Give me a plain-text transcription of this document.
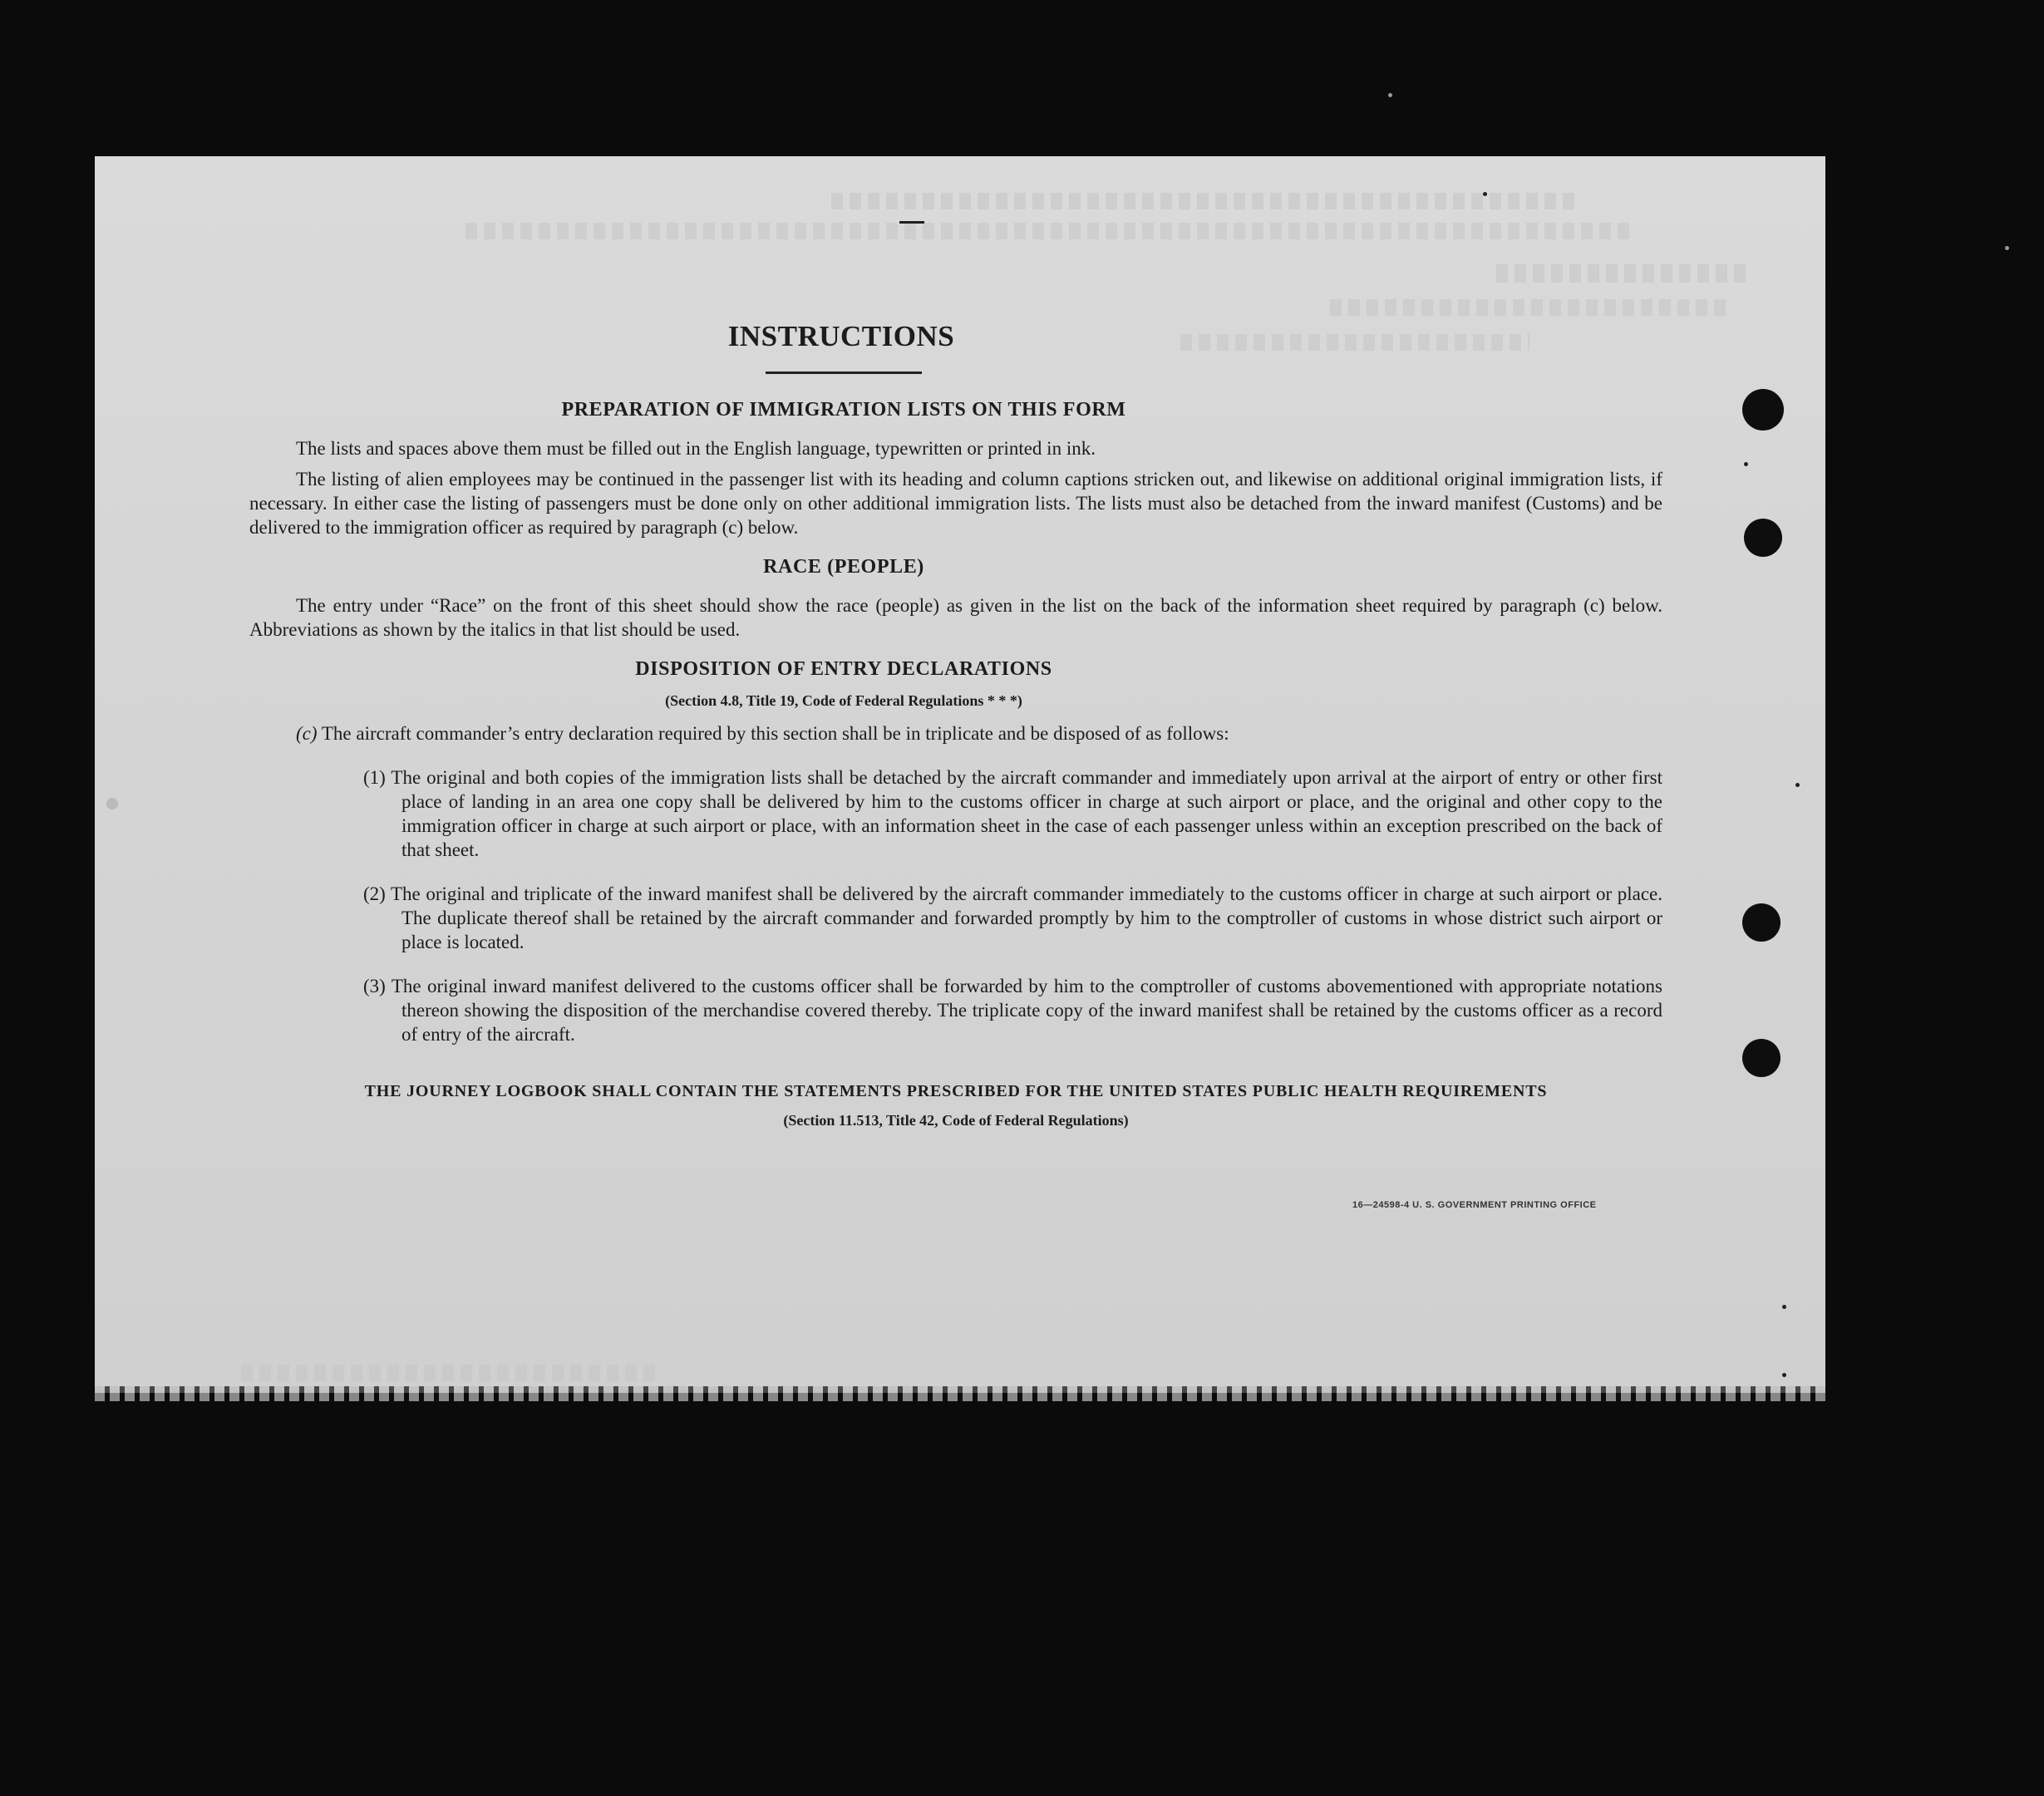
INSTRUCTIONS
PREPARATION OF IMMIGRATION LISTS ON THIS FORM

The lists and spaces above them must be filled out in the English language, typewritten or printed in ink.

The listing of alien employees may be continued in the passenger list with its heading and column captions stricken out, and likewise on additional original immigration lists, if necessary. In either case the listing of passengers must be done only on other additional immigration lists. The lists must also be detached from the inward manifest (Customs) and be delivered to the immigration officer as required by paragraph (c) below.

RACE (PEOPLE)

The entry under “Race” on the front of this sheet should show the race (people) as given in the list on the back of the information sheet required by paragraph (c) below. Abbreviations as shown by the italics in that list should be used.

DISPOSITION OF ENTRY DECLARATIONS

(Section 4.8, Title 19, Code of Federal Regulations * * *)

(c) The aircraft commander’s entry declaration required by this section shall be in triplicate and be disposed of as follows:

(1) The original and both copies of the immigration lists shall be detached by the aircraft commander and immediately upon arrival at the airport of entry or other first place of landing in an area one copy shall be delivered by him to the customs officer in charge at such airport or place, and the original and other copy to the immigration officer in charge at such airport or place, with an information sheet in the case of each passenger unless within an exception prescribed on the back of that sheet.

(2) The original and triplicate of the inward manifest shall be delivered by the aircraft commander immediately to the customs officer in charge at such airport or place. The duplicate thereof shall be retained by the aircraft commander and forwarded promptly by him to the comptroller of customs in whose district such airport or place is located.

(3) The original inward manifest delivered to the customs officer shall be forwarded by him to the comptroller of customs abovementioned with appropriate notations thereon showing the disposition of the merchandise covered thereby. The triplicate copy of the inward manifest shall be retained by the customs officer as a record of entry of the aircraft.

THE JOURNEY LOGBOOK SHALL CONTAIN THE STATEMENTS PRESCRIBED FOR THE UNITED STATES PUBLIC HEALTH REQUIREMENTS

(Section 11.513, Title 42, Code of Federal Regulations)

16—24598-4 U. S. GOVERNMENT PRINTING OFFICE
